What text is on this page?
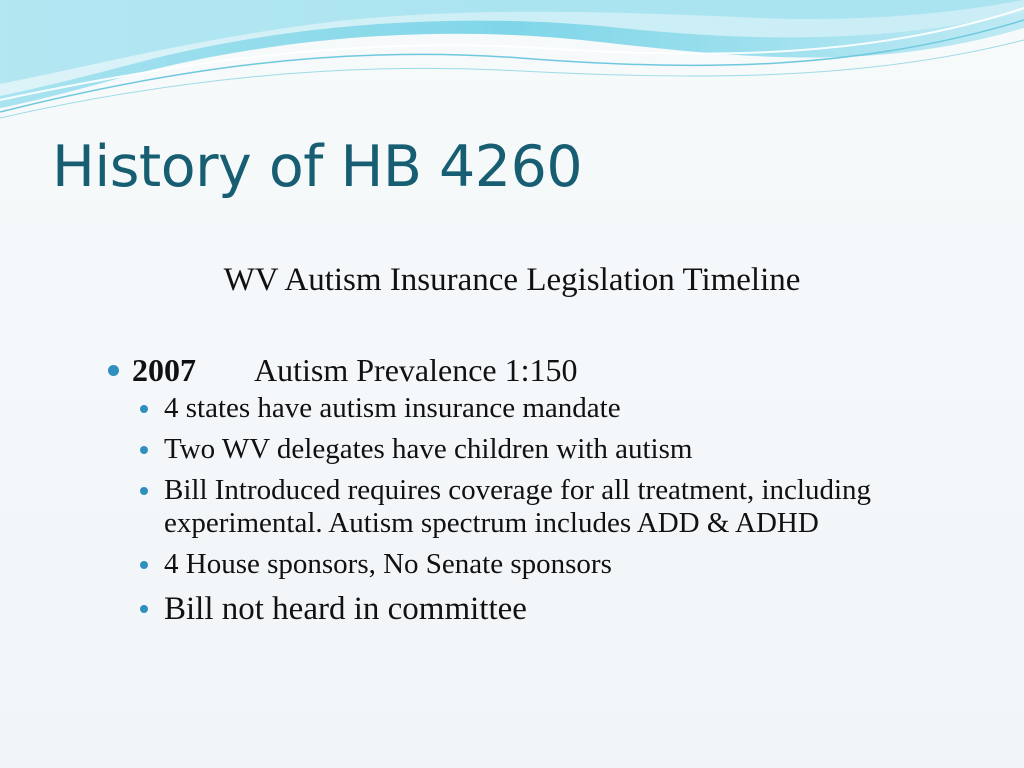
History of HB 4260
WV Autism Insurance Legislation Timeline
2007 Autism Prevalence 1:150
4 states have autism insurance mandate
Two WV delegates have children with autism
Bill Introduced requires coverage for all treatment, including experimental. Autism spectrum includes ADD & ADHD
4 House sponsors, No Senate sponsors
Bill not heard in committee
